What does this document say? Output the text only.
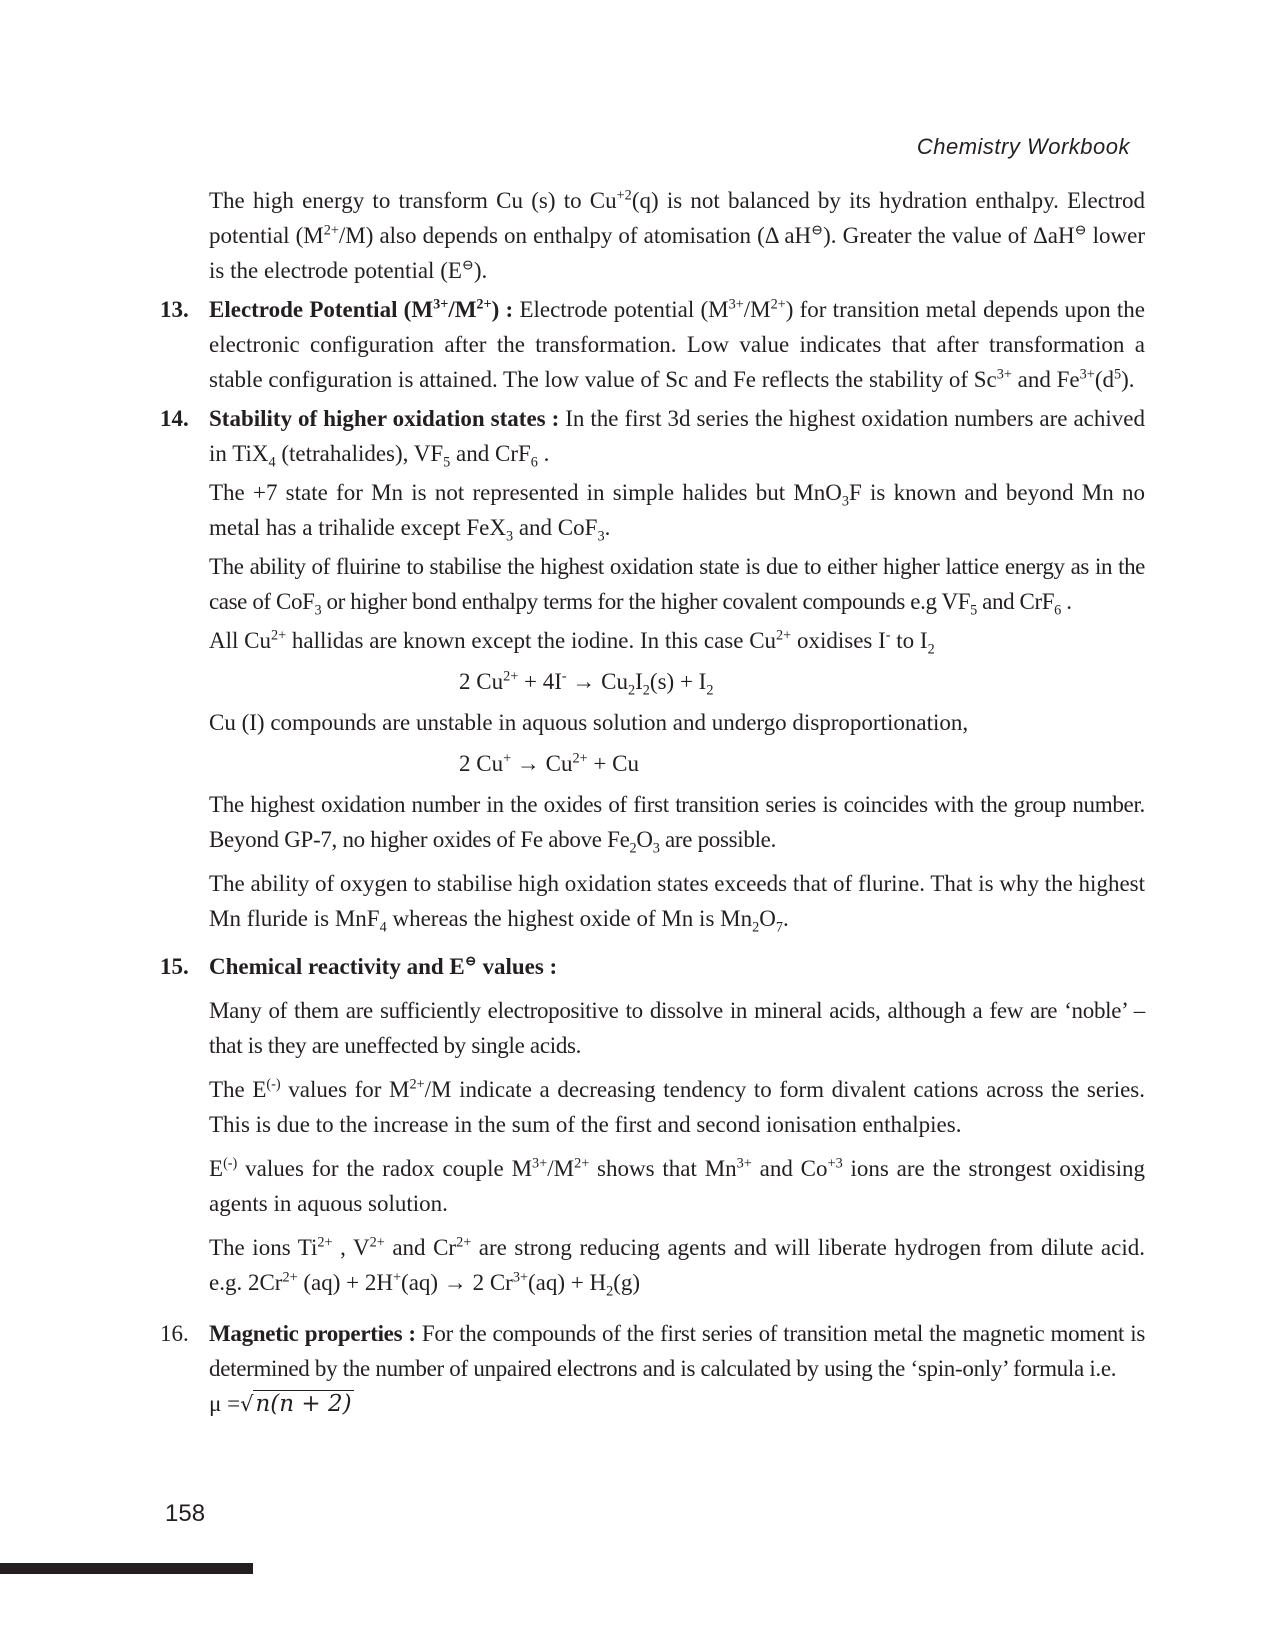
Chemistry Workbook
The high energy to transform Cu (s) to $Cu^{+2}(q)$ is not balanced by its hydration enthalpy. Electrod potential $(M^{2+}/M)$ also depends on enthalpy of atomisation (Δ aH⊖). Greater the value of ΔaH⊖ lower is the electrode potential (E⊖).
13. Electrode Potential $(M^{3+}/M^{2+})$ : Electrode potential $(M^{3+}/M^{2+})$ for transition metal depends upon the electronic configuration after the transformation. Low value indicates that after transformation a stable configuration is attained. The low value of Sc and Fe reflects the stability of $Sc^{3+}$ and $Fe^{3+}(d^5)$.
14. Stability of higher oxidation states : In the first 3d series the highest oxidation numbers are achived in TiX$_4$ (tetrahalides), $VF_5$ and CrF$_6$ .
The +7 state for Mn is not represented in simple halides but MnO$_3$F is known and beyond Mn no metal has a trihalide except FeX$_3$ and CoF$_3$.
The ability of fluirine to stabilise the highest oxidation state is due to either higher lattice energy as in the case of CoF$_3$ or higher bond enthalpy terms for the higher covalent compounds e.g $VF_5$ and CrF$_6$ .
All $Cu^{2+}$ hallidas are known except the iodine. In this case $Cu^{2+}$ oxidises I- to $I_2$
2 $Cu^{2+} + 4I^- \to Cu_2I_2(s) + I_2$
Cu (I) compounds are unstable in aquous solution and undergo disproportionation,
2 $Cu^+ \to Cu^{2+} + Cu$
The highest oxidation number in the oxides of first transition series is coincides with the group number. Beyond GP-7, no higher oxides of Fe above $Fe_2O_3$ are possible.
The ability of oxygen to stabilise high oxidation states exceeds that of flurine. That is why the highest Mn fluride is MnF$_4$ whereas the highest oxide of Mn is $Mn_2O_7$.
15. Chemical reactivity and E⊖ values :
Many of them are sufficiently electropositive to dissolve in mineral acids, although a few are ‘noble’ – that is they are uneffected by single acids.
The E(-) values for $M^{2+}/M$ indicate a decreasing tendency to form divalent cations across the series. This is due to the increase in the sum of the first and second ionisation enthalpies.
E(-) values for the radox couple $M^{3+}/M^{2+}$ shows that $Mn^{3+}$ and $Co^{+3}$ ions are the strongest oxidising agents in aquous solution.
The ions $Ti^{2+}$ , $V^{2+}$ and $Cr^{2+}$ are strong reducing agents and will liberate hydrogen from dilute acid. e.g. $2Cr^{2+}$ (aq) + 2H+(aq) → 2 $Cr^{3+}(aq) + H_2(g)$
16. Magnetic properties : For the compounds of the first series of transition metal the magnetic moment is determined by the number of unpaired electrons and is calculated by using the ‘spin-only’ formula i.e.
μ =√n(n + 2)
158
